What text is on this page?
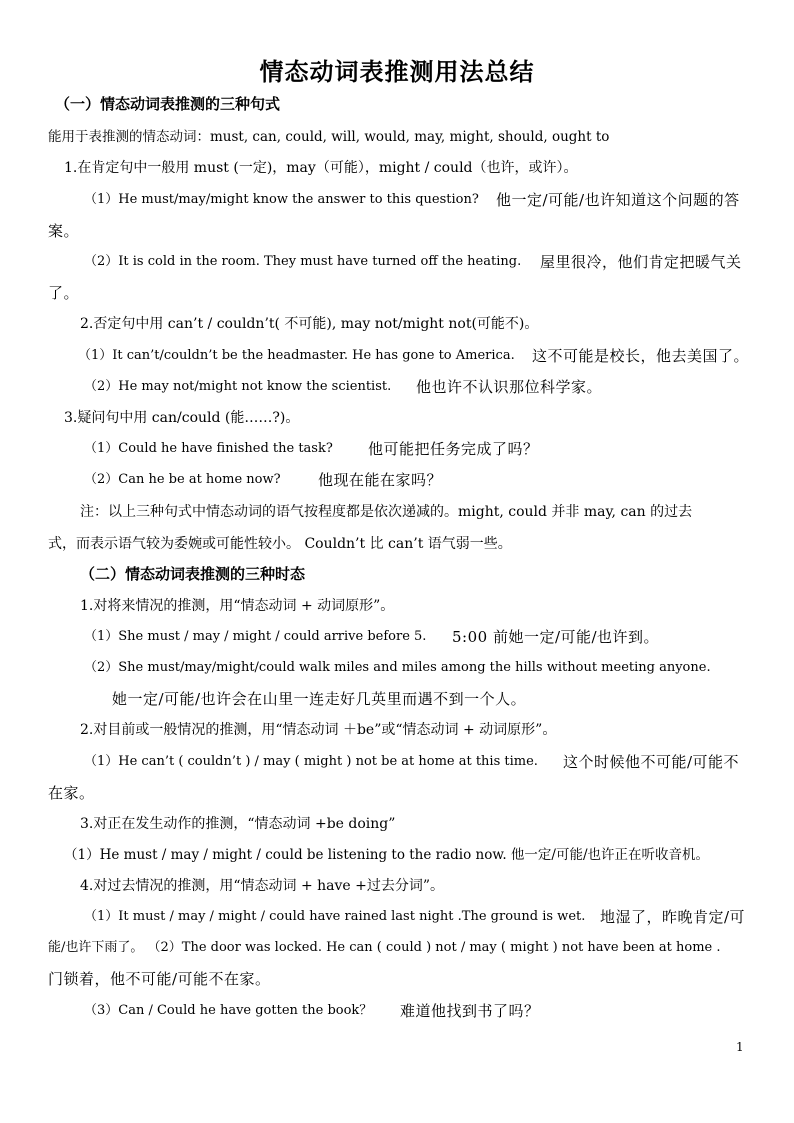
情态动词表推测用法总结
（一）情态动词表推测的三种句式
能用于表推测的情态动词：must, can, could, will, would, may, might, should, ought to
1.在肯定句中一般用 must (一定)，may（可能），might / could（也许，或许）。
（1）He must/may/might know the answer to this question? 他一定/可能/也许知道这个问题的答
案。
（2）It is cold in the room. They must have turned off the heating. 屋里很冷，他们肯定把暖气关
了。
2.否定句中用 can’t / couldn’t( 不可能), may not/might not(可能不)。
（1）It can’t/couldn’t be the headmaster. He has gone to America. 这不可能是校长，他去美国了。
（2）He may not/might not know the scientist. 他也许不认识那位科学家。
3.疑问句中用 can/could (能……?)。
（1）Could he have finished the task? 他可能把任务完成了吗？
（2）Can he be at home now? 他现在能在家吗？
注：以上三种句式中情态动词的语气按程度都是依次递减的。might, could 并非 may, can 的过去
式，而表示语气较为委婉或可能性较小。 Couldn’t 比 can’t 语气弱一些。
（二）情态动词表推测的三种时态
1.对将来情况的推测，用“情态动词 + 动词原形”。
（1）She must / may / might / could arrive before 5. 5:00 前她一定/可能/也许到。
（2）She must/may/might/could walk miles and miles among the hills without meeting anyone.
她一定/可能/也许会在山里一连走好几英里而遇不到一个人。
2.对目前或一般情况的推测，用“情态动词 ＋be”或“情态动词 + 动词原形”。
（1）He can’t ( couldn’t ) / may ( might ) not be at home at this time. 这个时候他不可能/可能不
在家。
3.对正在发生动作的推测，“情态动词 +be doing”
（1）He must / may / might / could be listening to the radio now. 他一定/可能/也许正在听收音机。
4.对过去情况的推测，用“情态动词 + have +过去分词”。
（1）It must / may / might / could have rained last night .The ground is wet. 地湿了，昨晚肯定/可
能/也许下雨了。 （2）The door was locked. He can ( could ) not / may ( might ) not have been at home .
门锁着，他不可能/可能不在家。
（3）Can / Could he have gotten the book？ 难道他找到书了吗？
1
